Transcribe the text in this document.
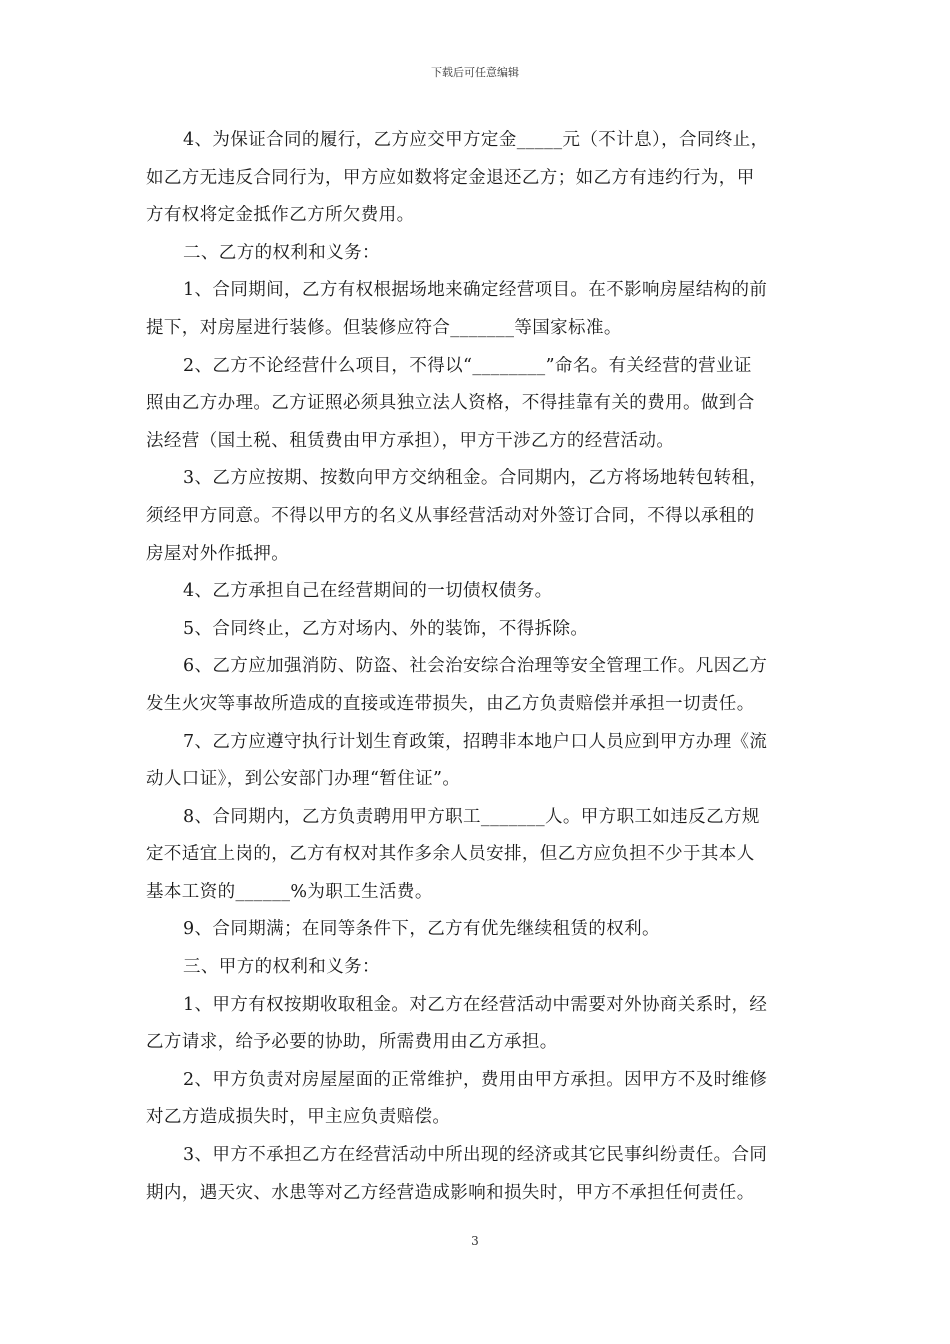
下载后可任意编辑

4、为保证合同的履行，乙方应交甲方定金_____元（不计息），合同终止，
如乙方无违反合同行为，甲方应如数将定金退还乙方；如乙方有违约行为，甲
方有权将定金抵作乙方所欠费用。

二、乙方的权利和义务：

1、合同期间，乙方有权根据场地来确定经营项目。在不影响房屋结构的前
提下，对房屋进行装修。但装修应符合_______等国家标准。

2、乙方不论经营什么项目，不得以“________”命名。有关经营的营业证
照由乙方办理。乙方证照必须具独立法人资格，不得挂靠有关的费用。做到合
法经营（国土税、租赁费由甲方承担），甲方干涉乙方的经营活动。

3、乙方应按期、按数向甲方交纳租金。合同期内，乙方将场地转包转租，
须经甲方同意。不得以甲方的名义从事经营活动对外签订合同，不得以承租的
房屋对外作抵押。

4、乙方承担自己在经营期间的一切债权债务。

5、合同终止，乙方对场内、外的装饰，不得拆除。

6、乙方应加强消防、防盗、社会治安综合治理等安全管理工作。凡因乙方
发生火灾等事故所造成的直接或连带损失，由乙方负责赔偿并承担一切责任。

7、乙方应遵守执行计划生育政策，招聘非本地户口人员应到甲方办理《流
动人口证》，到公安部门办理“暂住证”。

8、合同期内，乙方负责聘用甲方职工_______人。甲方职工如违反乙方规
定不适宜上岗的，乙方有权对其作多余人员安排，但乙方应负担不少于其本人
基本工资的______%为职工生活费。

9、合同期满；在同等条件下，乙方有优先继续租赁的权利。

三、甲方的权利和义务：

1、甲方有权按期收取租金。对乙方在经营活动中需要对外协商关系时，经
乙方请求，给予必要的协助，所需费用由乙方承担。

2、甲方负责对房屋屋面的正常维护，费用由甲方承担。因甲方不及时维修
对乙方造成损失时，甲主应负责赔偿。

3、甲方不承担乙方在经营活动中所出现的经济或其它民事纠纷责任。合同
期内，遇天灾、水患等对乙方经营造成影响和损失时，甲方不承担任何责任。

3
